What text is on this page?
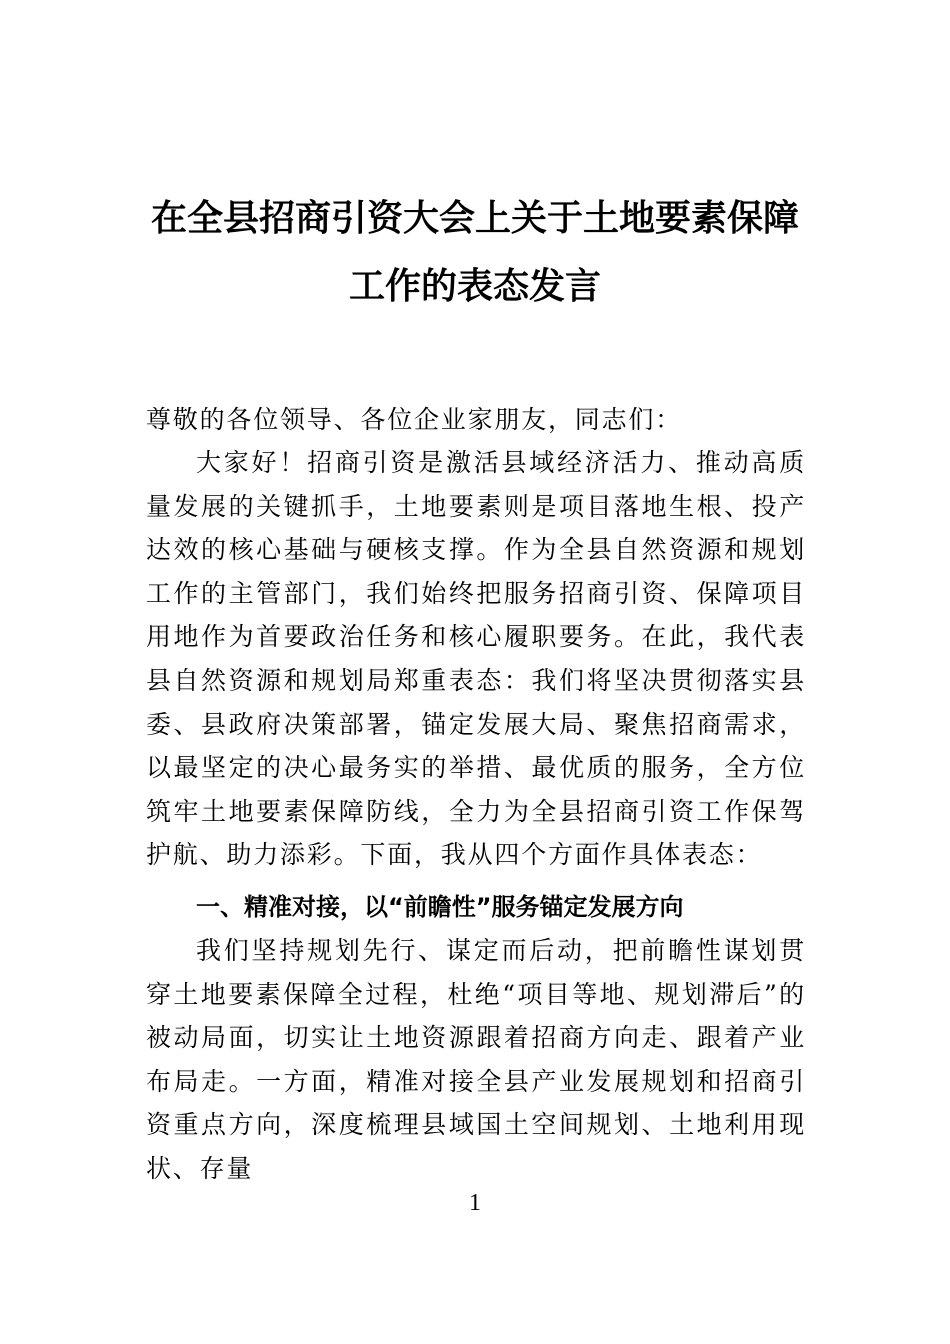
在全县招商引资大会上关于土地要素保障
工作的表态发言

尊敬的各位领导、各位企业家朋友，同志们：

大家好！招商引资是激活县域经济活力、推动高质量发展的关键抓手，土地要素则是项目落地生根、投产达效的核心基础与硬核支撑。作为全县自然资源和规划工作的主管部门，我们始终把服务招商引资、保障项目用地作为首要政治任务和核心履职要务。在此，我代表县自然资源和规划局郑重表态：我们将坚决贯彻落实县委、县政府决策部署，锚定发展大局、聚焦招商需求，以最坚定的决心最务实的举措、最优质的服务，全方位筑牢土地要素保障防线，全力为全县招商引资工作保驾护航、助力添彩。下面，我从四个方面作具体表态：

一、精准对接，以“前瞻性”服务锚定发展方向

我们坚持规划先行、谋定而后动，把前瞻性谋划贯穿土地要素保障全过程，杜绝“项目等地、规划滞后”的被动局面，切实让土地资源跟着招商方向走、跟着产业布局走。一方面，精准对接全县产业发展规划和招商引资重点方向，深度梳理县域国土空间规划、土地利用现状、存量

1
